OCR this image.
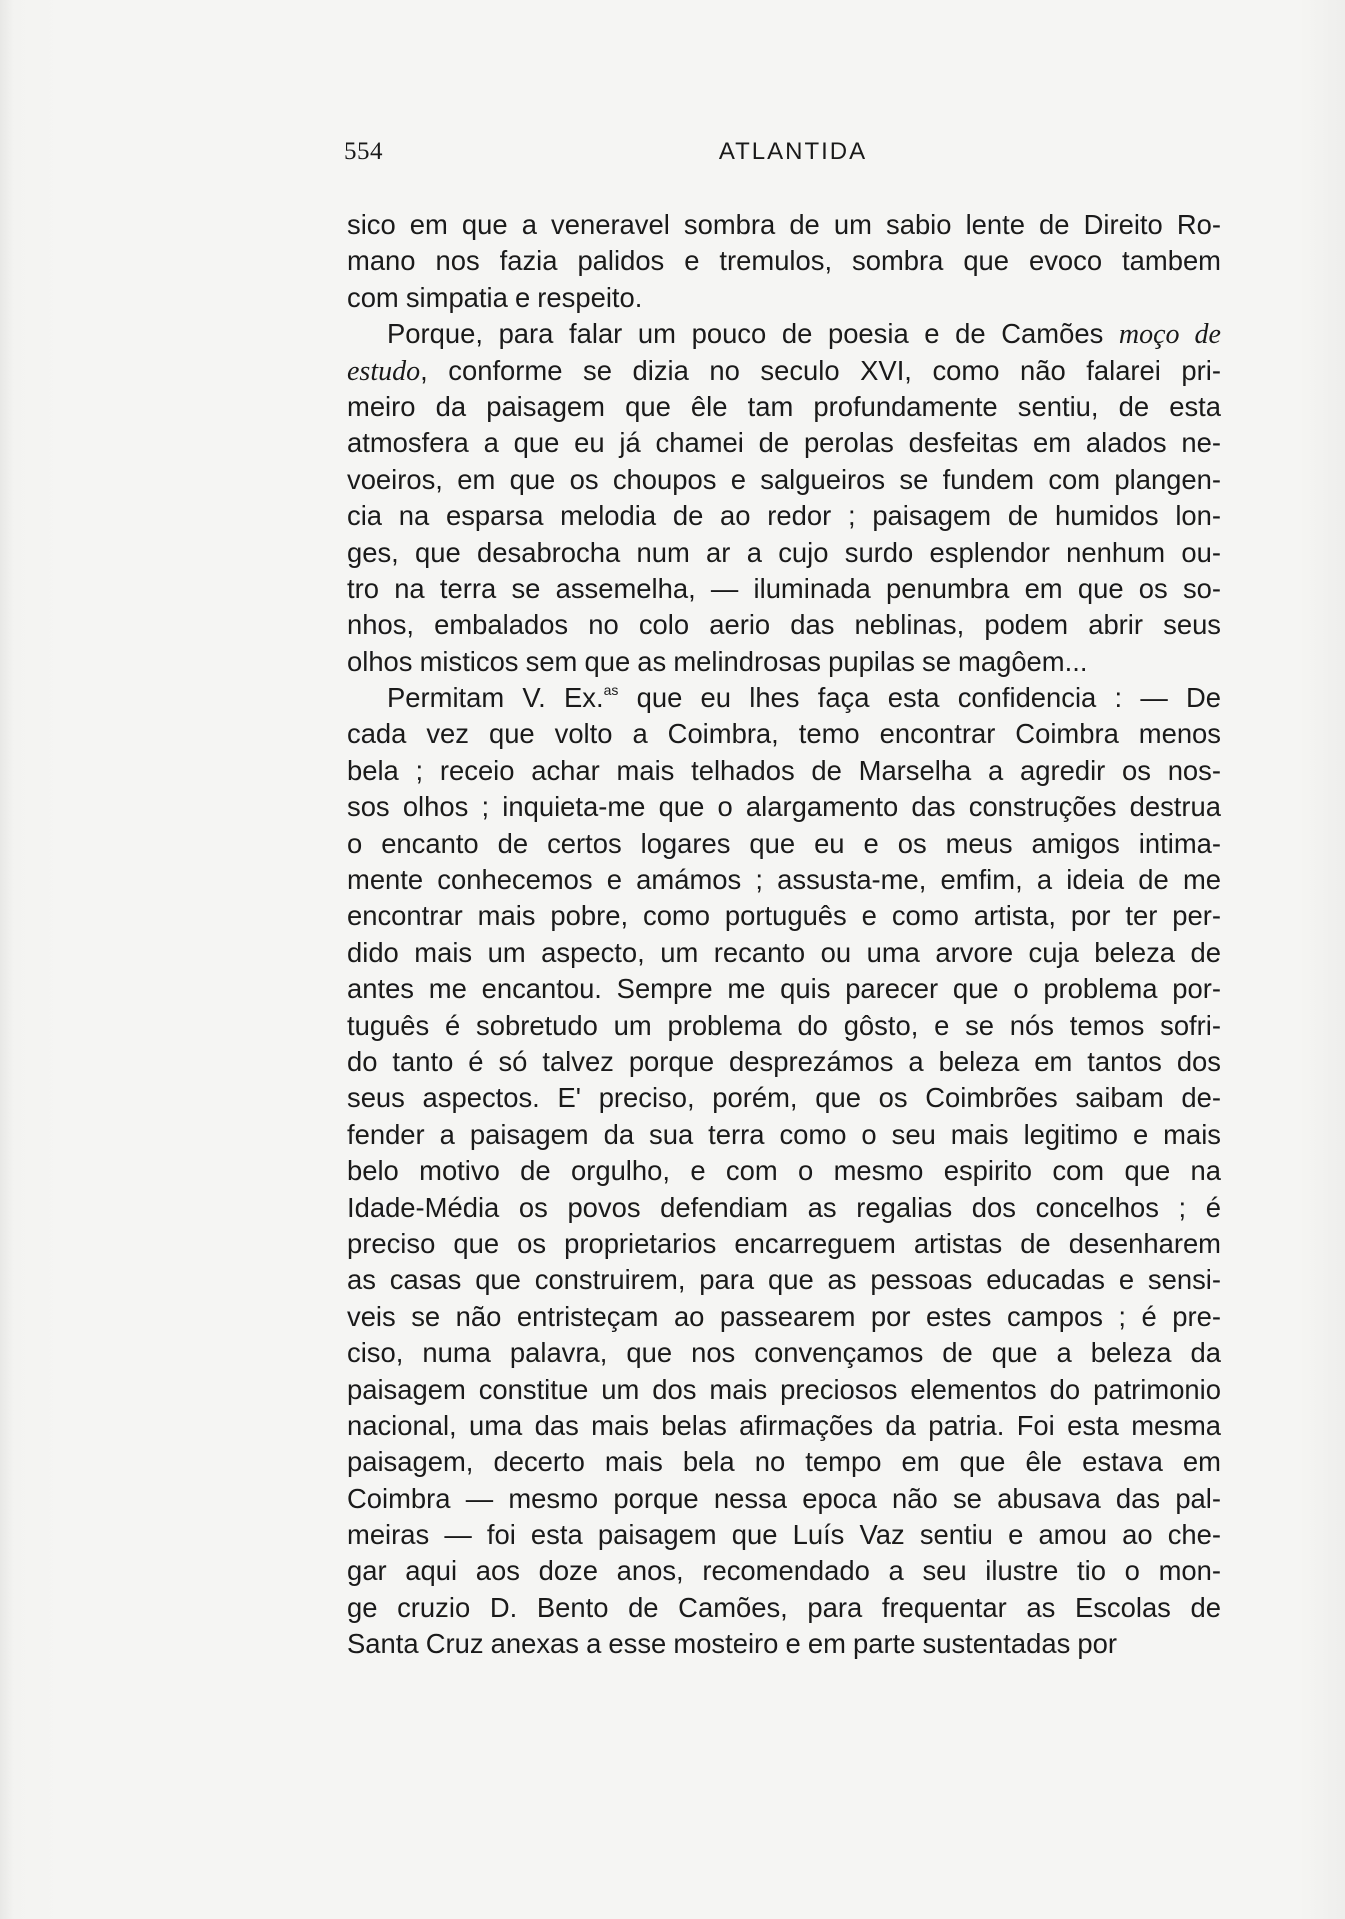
554	ATLANTIDA
sico em que a veneravel sombra de um sabio lente de Direito Ro-
mano nos fazia palidos e tremulos, sombra que evoco tambem
com simpatia e respeito.
Porque, para falar um pouco de poesia e de Camões moço de
estudo, conforme se dizia no seculo XVI, como não falarei pri-
meiro da paisagem que êle tam profundamente sentiu, de esta
atmosfera a que eu já chamei de perolas desfeitas em alados ne-
voeiros, em que os choupos e salgueiros se fundem com plangen-
cia na esparsa melodia de ao redor ; paisagem de humidos lon-
ges, que desabrocha num ar a cujo surdo esplendor nenhum ou-
tro na terra se assemelha, — iluminada penumbra em que os so-
nhos, embalados no colo aerio das neblinas, podem abrir seus
olhos misticos sem que as melindrosas pupilas se magôem...
Permitam V. Ex.$^{as}$ que eu lhes faça esta confidencia : — De
cada vez que volto a Coimbra, temo encontrar Coimbra menos
bela ; receio achar mais telhados de Marselha a agredir os nos-
sos olhos ; inquieta-me que o alargamento das construções destrua
o encanto de certos logares que eu e os meus amigos intima-
mente conhecemos e amámos ; assusta-me, emfim, a ideia de me
encontrar mais pobre, como português e como artista, por ter per-
dido mais um aspecto, um recanto ou uma arvore cuja beleza de
antes me encantou. Sempre me quis parecer que o problema por-
tuguês é sobretudo um problema do gôsto, e se nós temos sofri-
do tanto é só talvez porque desprezámos a beleza em tantos dos
seus aspectos. E' preciso, porém, que os Coimbrões saibam de-
fender a paisagem da sua terra como o seu mais legitimo e mais
belo motivo de orgulho, e com o mesmo espirito com que na
Idade-Média os povos defendiam as regalias dos concelhos ; é
preciso que os proprietarios encarreguem artistas de desenharem
as casas que construirem, para que as pessoas educadas e sensi-
veis se não entristeçam ao passearem por estes campos ; é pre-
ciso, numa palavra, que nos convençamos de que a beleza da
paisagem constitue um dos mais preciosos elementos do patrimonio
nacional, uma das mais belas afirmações da patria. Foi esta mesma
paisagem, decerto mais bela no tempo em que êle estava em
Coimbra — mesmo porque nessa epoca não se abusava das pal-
meiras — foi esta paisagem que Luís Vaz sentiu e amou ao che-
gar aqui aos doze anos, recomendado a seu ilustre tio o mon-
ge cruzio D. Bento de Camões, para frequentar as Escolas de
Santa Cruz anexas a esse mosteiro e em parte sustentadas por
